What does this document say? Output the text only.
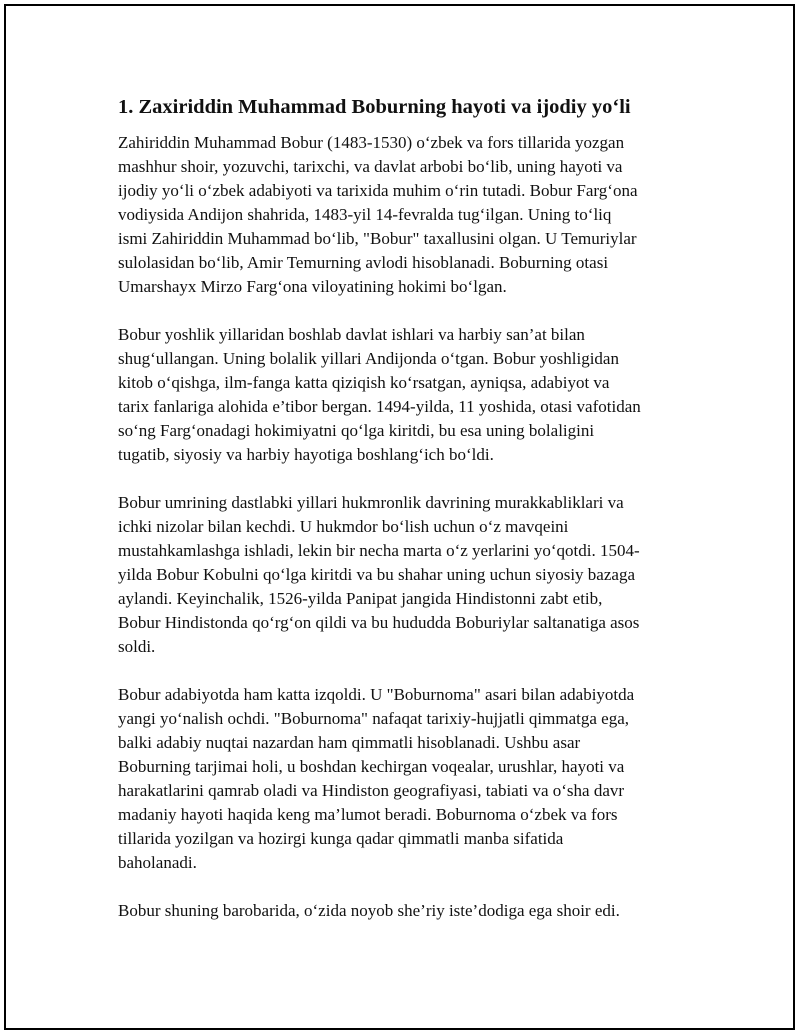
1. Zaxiriddin Muhammad Boburning hayoti va ijodiy yo‘li

Zahiriddin Muhammad Bobur (1483-1530) o‘zbek va fors tillarida yozgan
mashhur shoir, yozuvchi, tarixchi, va davlat arbobi bo‘lib, uning hayoti va
ijodiy yo‘li o‘zbek adabiyoti va tarixida muhim o‘rin tutadi. Bobur Farg‘ona
vodiysida Andijon shahrida, 1483-yil 14-fevralda tug‘ilgan. Uning to‘liq
ismi Zahiriddin Muhammad bo‘lib, "Bobur" taxallusini olgan. U Temuriylar
sulolasidan bo‘lib, Amir Temurning avlodi hisoblanadi. Boburning otasi
Umarshayx Mirzo Farg‘ona viloyatining hokimi bo‘lgan.

Bobur yoshlik yillaridan boshlab davlat ishlari va harbiy san’at bilan
shug‘ullangan. Uning bolalik yillari Andijonda o‘tgan. Bobur yoshligidan
kitob o‘qishga, ilm-fanga katta qiziqish ko‘rsatgan, ayniqsa, adabiyot va
tarix fanlariga alohida e’tibor bergan. 1494-yilda, 11 yoshida, otasi vafotidan
so‘ng Farg‘onadagi hokimiyatni qo‘lga kiritdi, bu esa uning bolaligini
tugatib, siyosiy va harbiy hayotiga boshlang‘ich bo‘ldi.

Bobur umrining dastlabki yillari hukmronlik davrining murakkabliklari va
ichki nizolar bilan kechdi. U hukmdor bo‘lish uchun o‘z mavqeini
mustahkamlashga ishladi, lekin bir necha marta o‘z yerlarini yo‘qotdi. 1504-
yilda Bobur Kobulni qo‘lga kiritdi va bu shahar uning uchun siyosiy bazaga
aylandi. Keyinchalik, 1526-yilda Panipat jangida Hindistonni zabt etib,
Bobur Hindistonda qo‘rg‘on qildi va bu hududda Boburiylar saltanatiga asos
soldi.

Bobur adabiyotda ham katta izqoldi. U "Boburnoma" asari bilan adabiyotda
yangi yo‘nalish ochdi. "Boburnoma" nafaqat tarixiy-hujjatli qimmatga ega,
balki adabiy nuqtai nazardan ham qimmatli hisoblanadi. Ushbu asar
Boburning tarjimai holi, u boshdan kechirgan voqealar, urushlar, hayoti va
harakatlarini qamrab oladi va Hindiston geografiyasi, tabiati va o‘sha davr
madaniy hayoti haqida keng ma’lumot beradi. Boburnoma o‘zbek va fors
tillarida yozilgan va hozirgi kunga qadar qimmatli manba sifatida
baholanadi.

Bobur shuning barobarida, o‘zida noyob she’riy iste’dodiga ega shoir edi.
